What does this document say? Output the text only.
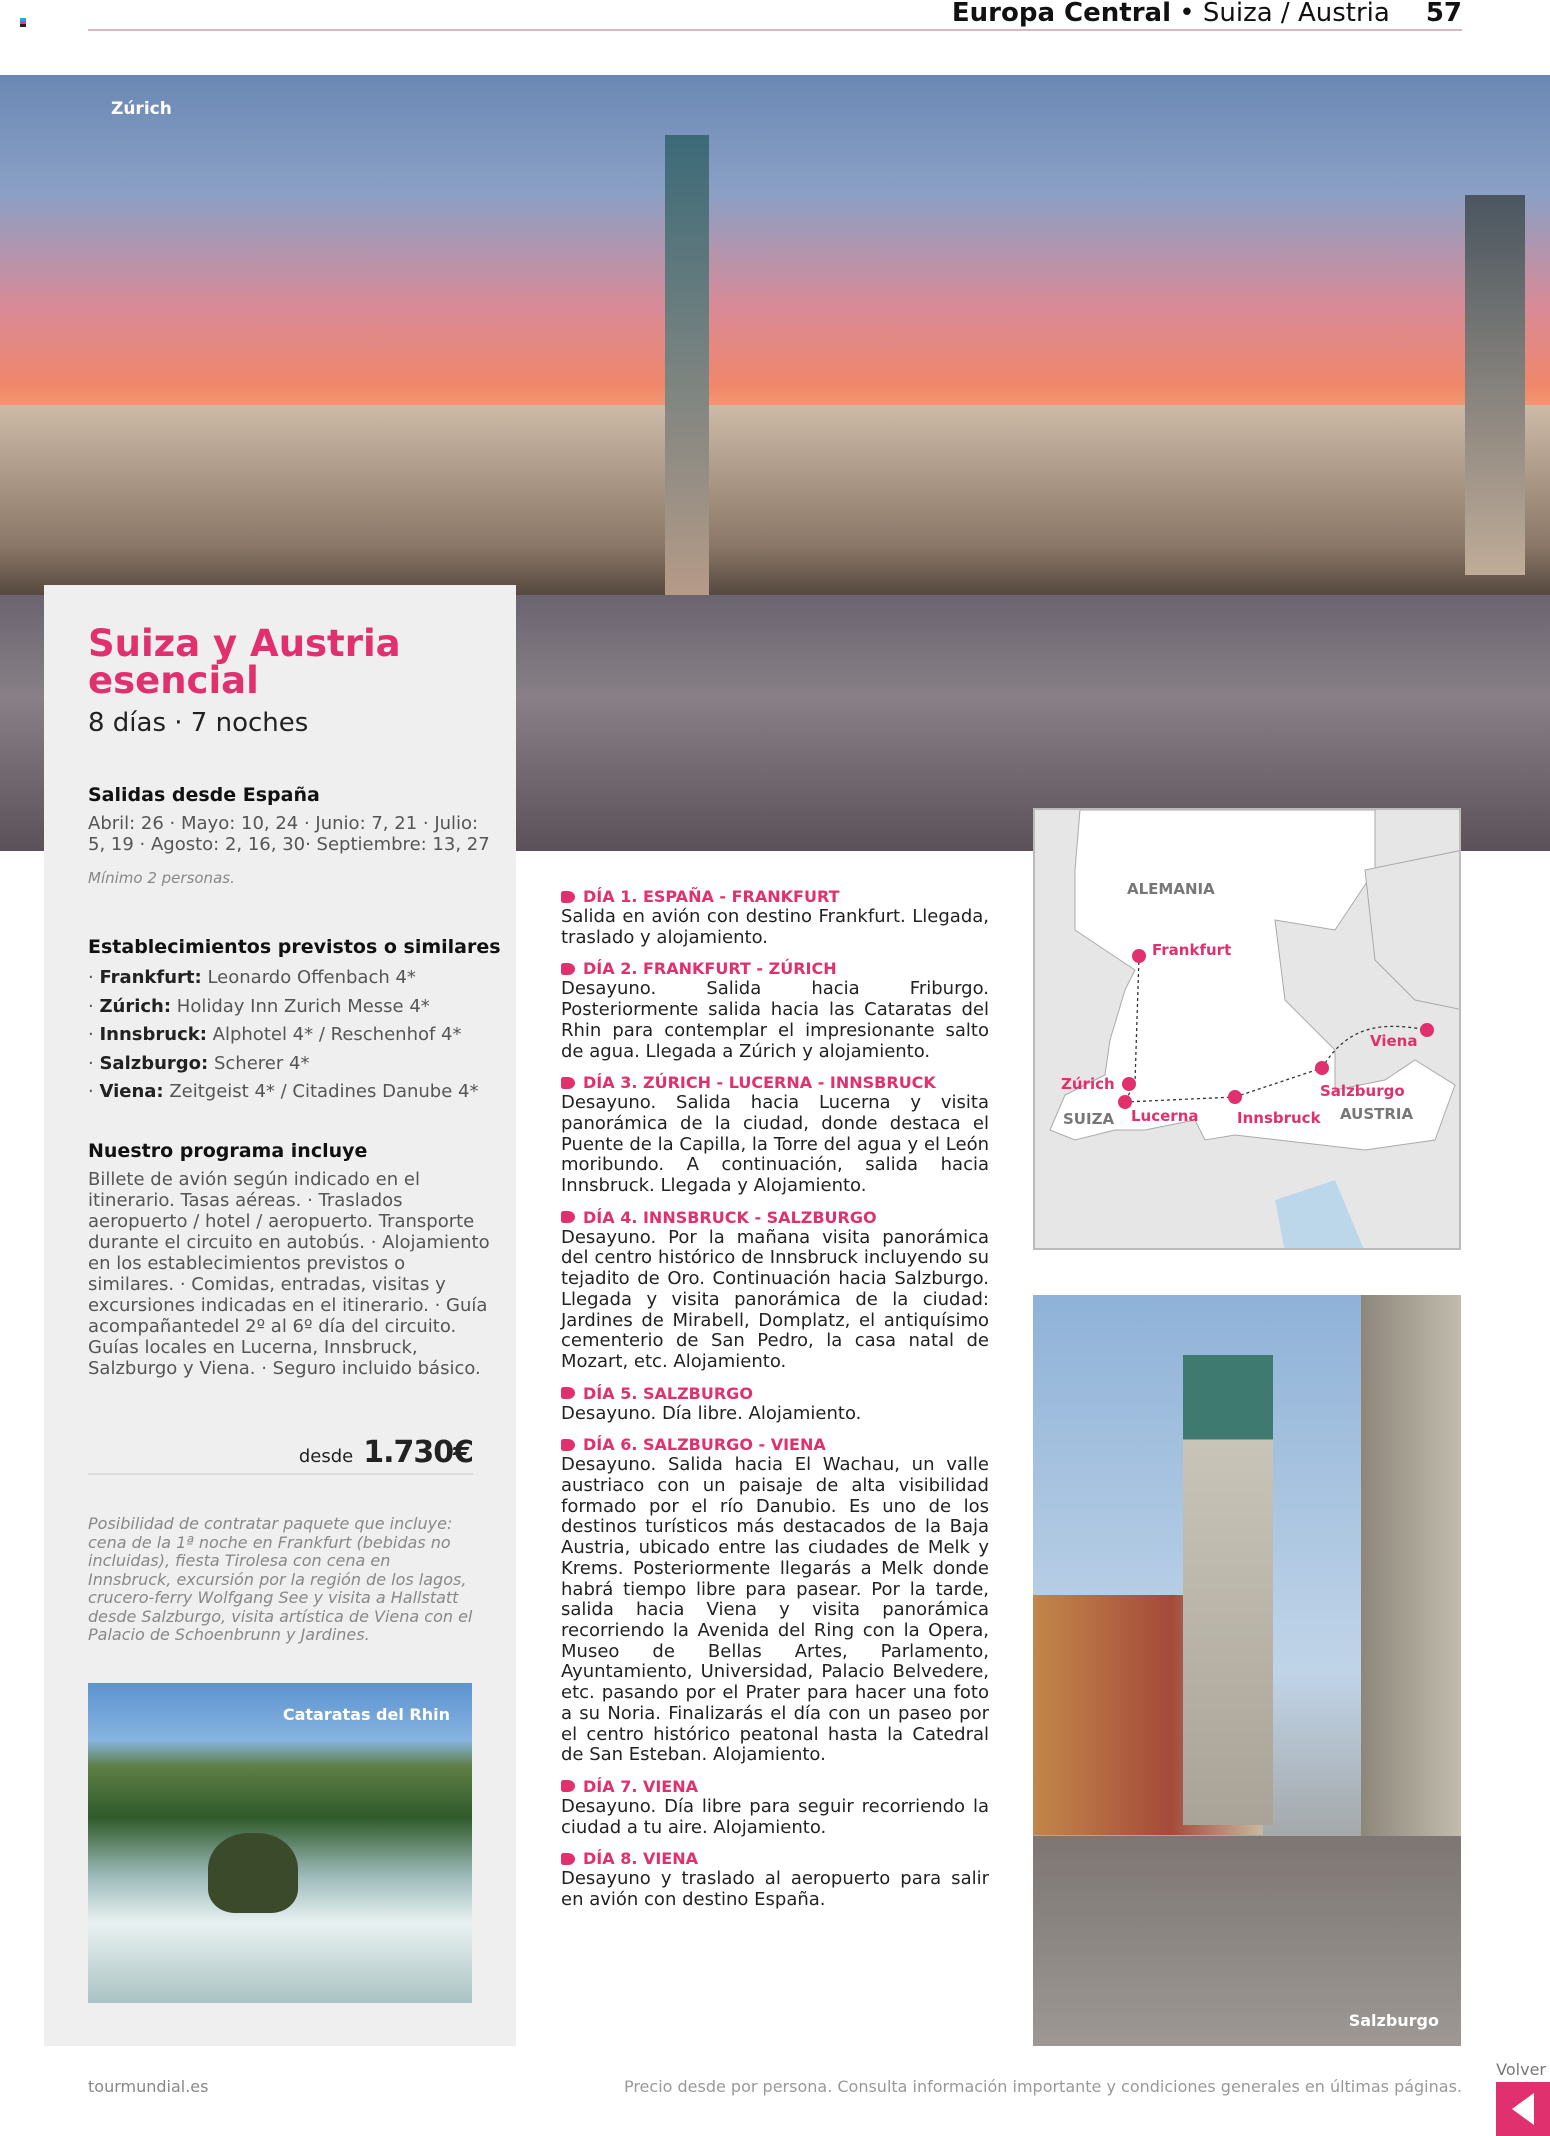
Europa Central • Suiza / Austria 57
Zúrich
Suiza y Austria
esencial
8 días · 7 noches
Salidas desde España
Abril: 26 · Mayo: 10, 24 · Junio: 7, 21 · Julio: 5, 19 · Agosto: 2, 16, 30· Septiembre: 13, 27
Mínimo 2 personas.
Establecimientos previstos o similares
· Frankfurt: Leonardo Offenbach 4*
· Zúrich: Holiday Inn Zurich Messe 4*
· Innsbruck: Alphotel 4* / Reschenhof 4*
· Salzburgo: Scherer 4*
· Viena: Zeitgeist 4* / Citadines Danube 4*
Nuestro programa incluye
Billete de avión según indicado en el itinerario. Tasas aéreas. · Traslados aeropuerto / hotel / aeropuerto. Transporte durante el circuito en autobús. · Alojamiento en los establecimientos previstos o similares. · Comidas, entradas, visitas y excursiones indicadas en el itinerario. · Guía acompañantedel 2º al 6º día del circuito. Guías locales en Lucerna, Innsbruck, Salzburgo y Viena. · Seguro incluido básico.
desde 1.730€
Posibilidad de contratar paquete que incluye: cena de la 1ª noche en Frankfurt (bebidas no incluidas), fiesta Tirolesa con cena en Innsbruck, excursión por la región de los lagos, crucero-ferry Wolfgang See y visita a Hallstatt desde Salzburgo, visita artística de Viena con el Palacio de Schoenbrunn y Jardines.
Cataratas del Rhin
DÍA 1. ESPAÑA - FRANKFURT

Salida en avión con destino Frankfurt. Llegada, traslado y alojamiento.

DÍA 2. FRANKFURT - ZÚRICH

Desayuno. Salida hacia Friburgo. Posteriormente salida hacia las Cataratas del Rhin para contemplar el impresionante salto de agua. Llegada a Zúrich y alojamiento.

DÍA 3. ZÚRICH - LUCERNA - INNSBRUCK

Desayuno. Salida hacia Lucerna y visita panorámica de la ciudad, donde destaca el Puente de la Capilla, la Torre del agua y el León moribundo. A continuación, salida hacia Innsbruck. Llegada y Alojamiento.

DÍA 4. INNSBRUCK - SALZBURGO

Desayuno. Por la mañana visita panorámica del centro histórico de Innsbruck incluyendo su tejadito de Oro. Continuación hacia Salzburgo. Llegada y visita panorámica de la ciudad: Jardines de Mirabell, Domplatz, el antiquísimo cementerio de San Pedro, la casa natal de Mozart, etc. Alojamiento.

DÍA 5. SALZBURGO

Desayuno. Día libre. Alojamiento.

DÍA 6. SALZBURGO - VIENA

Desayuno. Salida hacia El Wachau, un valle austriaco con un paisaje de alta visibilidad formado por el río Danubio. Es uno de los destinos turísticos más destacados de la Baja Austria, ubicado entre las ciudades de Melk y Krems. Posteriormente llegarás a Melk donde habrá tiempo libre para pasear. Por la tarde, salida hacia Viena y visita panorámica recorriendo la Avenida del Ring con la Opera, Museo de Bellas Artes, Parlamento, Ayuntamiento, Universidad, Palacio Belvedere, etc. pasando por el Prater para hacer una foto a su Noria. Finalizarás el día con un paseo por el centro histórico peatonal hasta la Catedral de San Esteban. Alojamiento.

DÍA 7. VIENA

Desayuno. Día libre para seguir recorriendo la ciudad a tu aire. Alojamiento.

DÍA 8. VIENA

Desayuno y traslado al aeropuerto para salir en avión con destino España.

ALEMANIA
SUIZA	AUSTRIA
Frankfurt
Zúrich
Lucerna	Innsbruck
Salzburgo
Viena
Salzburgo
tourmundial.es	Precio desde por persona. Consulta información importante y condiciones generales en últimas páginas.
Volver
